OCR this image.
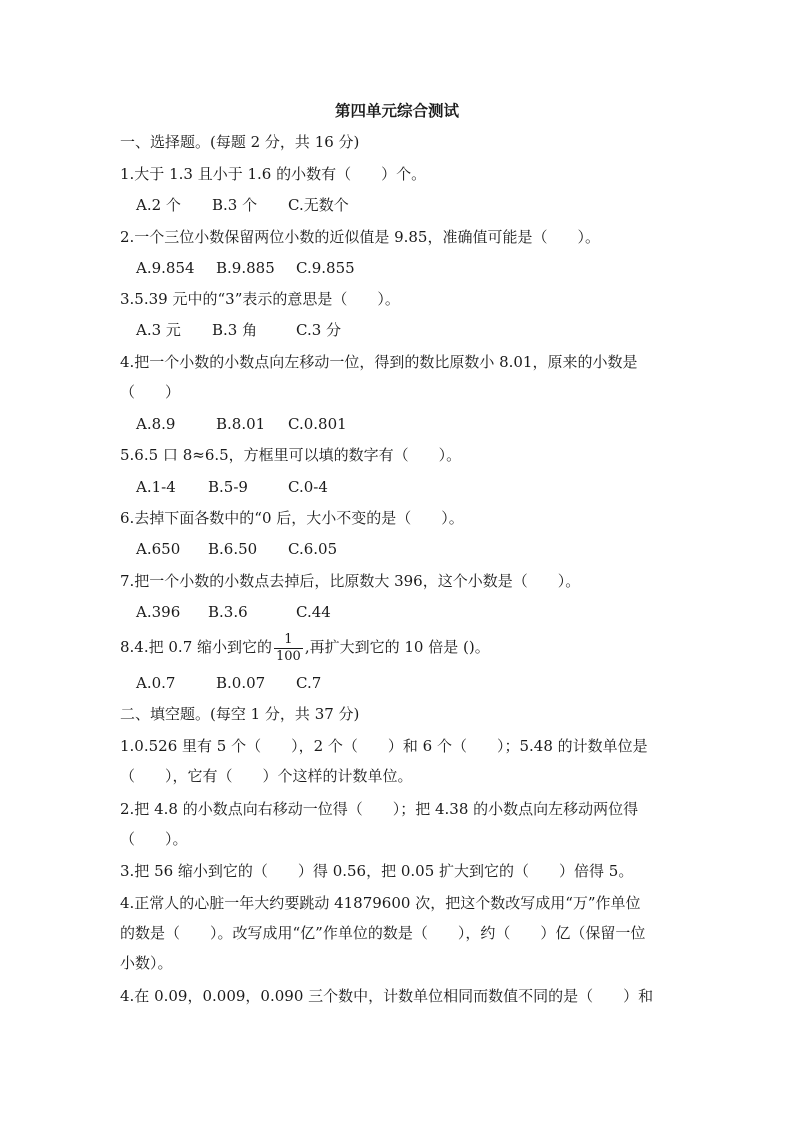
第四单元综合测试
一、选择题。(每题 2 分，共 16 分)
1.大于 1.3 且小于 1.6 的小数有（　　）个。
A.2 个 B.3 个 C.无数个
2.一个三位小数保留两位小数的近似值是 9.85，准确值可能是（　　）。
A.9.854 B.9.885 C.9.855
3.5.39 元中的“3”表示的意思是（　　）。
A.3 元 B.3 角	C.3 分
4.把一个小数的小数点向左移动一位，得到的数比原数小 8.01，原来的小数是
（　　）
A.8.9	B.8.01 C.0.801
5.6.5 口 8≈6.5，方框里可以填的数字有（　　）。
A.1-4 B.5-9	C.0-4
6.去掉下面各数中的“0 后，大小不变的是（　　）。
A.650 B.6.50 C.6.05
7.把一个小数的小数点去掉后，比原数大 396，这个小数是（　　）。
A.396 B.3.6	C.44
8.4.把 0.7 缩小到它的 $\frac{1}{100}$ ,再扩大到它的 10 倍是 ()。
A.0.7	B.0.07 C.7
二、填空题。(每空 1 分，共 37 分)
1.0.526 里有 5 个（　　），2 个（　　）和 6 个（　　）；5.48 的计数单位是
（　　），它有（　　）个这样的计数单位。
2.把 4.8 的小数点向右移动一位得（　　）；把 4.38 的小数点向左移动两位得
（　　）。
3.把 56 缩小到它的（　　）得 0.56，把 0.05 扩大到它的（　　）倍得 5。
4.正常人的心脏一年大约要跳动 41879600 次，把这个数改写成用“万”作单位
的数是（　　）。改写成用“亿”作单位的数是（　　），约（　　）亿（保留一位
小数）。
4.在 0.09，0.009，0.090 三个数中，计数单位相同而数值不同的是（　　）和
